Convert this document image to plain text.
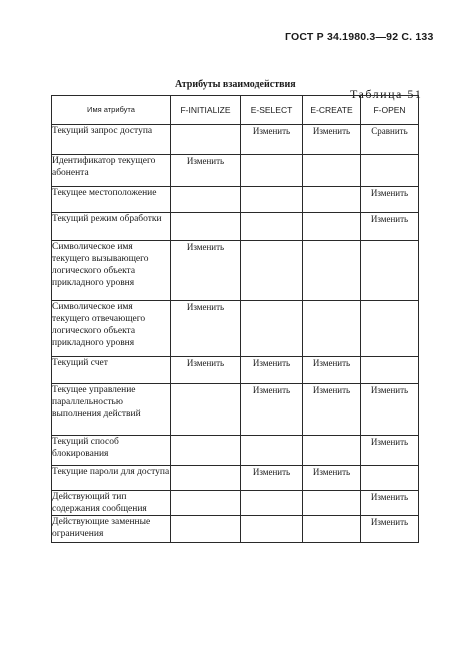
ГОСТ Р 34.1980.3—92 С. 133
Атрибуты взаимодействия
Таблица 51
Имя атрибута	F-INITIALIZE	E-SELECT	E-CREATE	F-OPEN
Текущий запрос доступа		Изменить	Изменить	Сравнить
Идентификатор текущего абонента	Изменить			
Текущее местоположение				Изменить
Текущий режим обработки				Изменить
Символическое имя текущего вызывающего логического объекта прикладного уровня	Изменить			
Символическое имя текущего отвечающего логического объекта прикладного уровня	Изменить			
Текущий счет	Изменить	Изменить	Изменить	
Текущее управление параллельностью выполнения действий		Изменить	Изменить	Изменить
Текущий способ блокирования				Изменить
Текущие пароли для доступа		Изменить	Изменить	
Действующий тип содержания сообщения				Изменить
Действующие заменные ограничения				Изменить
